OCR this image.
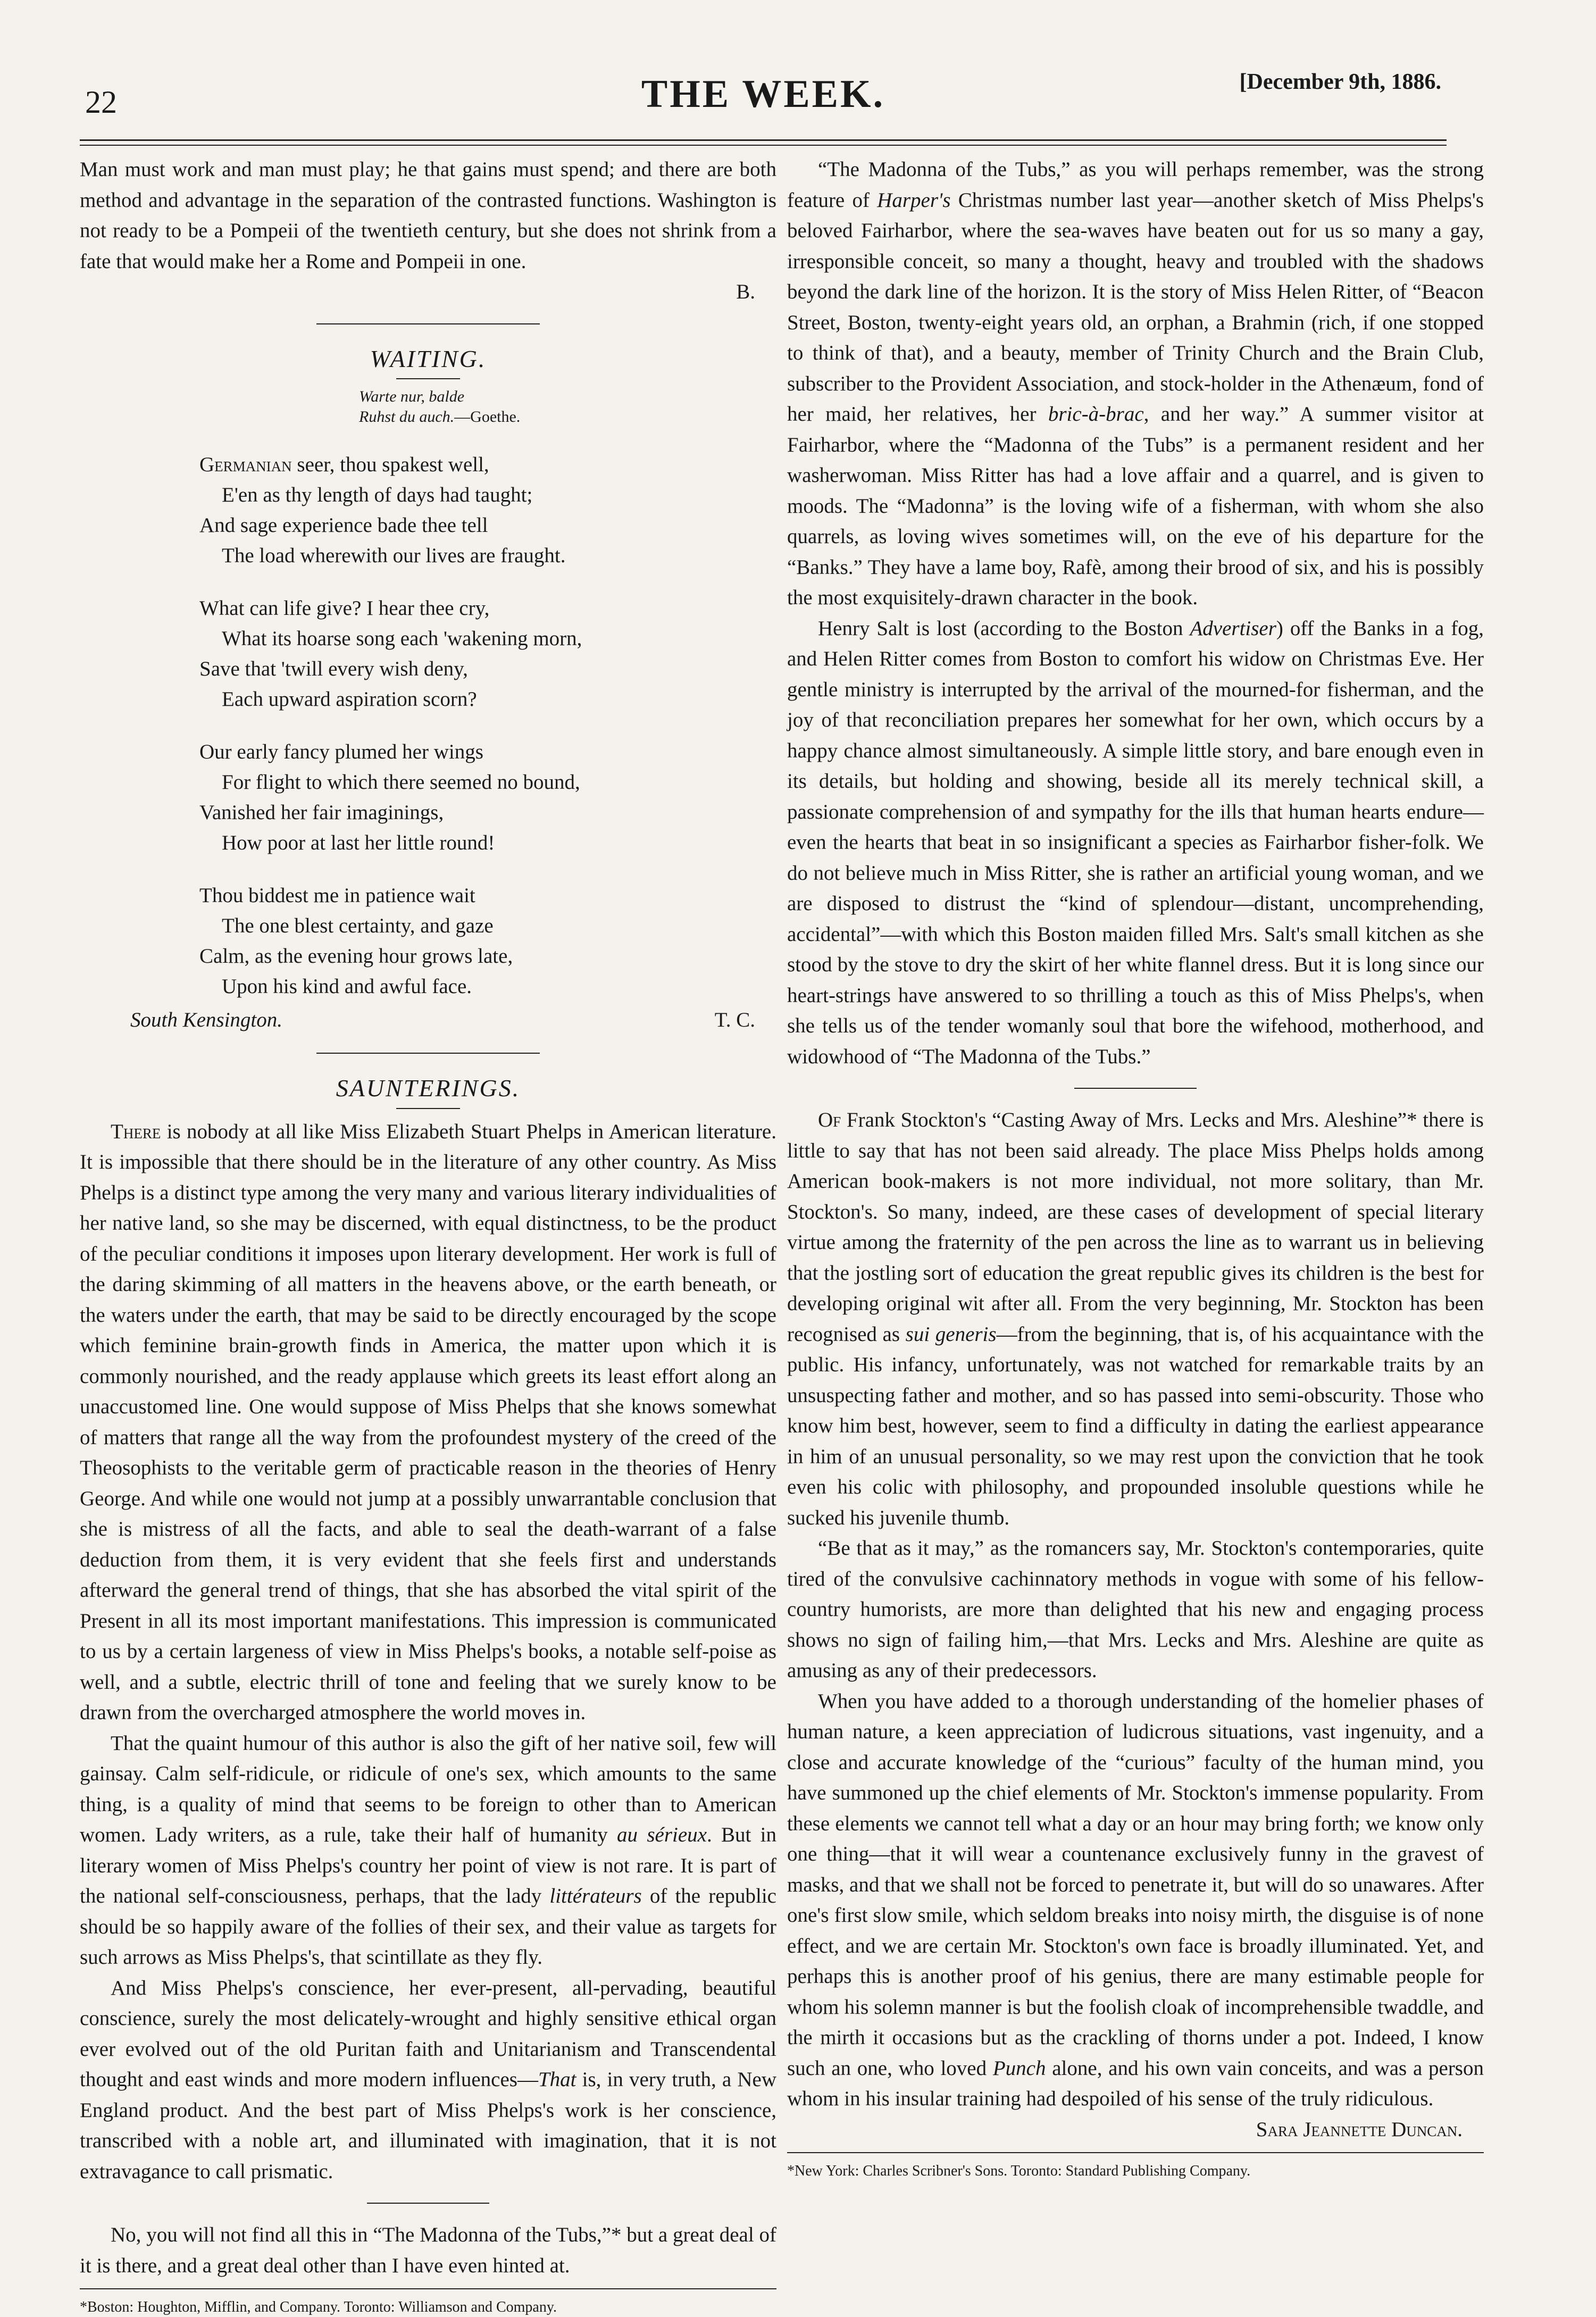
22	THE WEEK.	[December 9th, 1886.

Man must work and man must play; he that gains must spend; and there are both method and advantage in the separation of the contrasted functions. Washington is not ready to be a Pompeii of the twentieth century, but she does not shrink from a fate that would make her a Rome and Pompeii in one.

B.
WAITING.
Warte nur, balde
Ruhst du auch.—Goethe.
Germanian seer, thou spakest well,
E'en as thy length of days had taught;
And sage experience bade thee tell
The load wherewith our lives are fraught.
What can life give? I hear thee cry,
What its hoarse song each 'wakening morn,
Save that 'twill every wish deny,
Each upward aspiration scorn?
Our early fancy plumed her wings
For flight to which there seemed no bound,
Vanished her fair imaginings,
How poor at last her little round!
Thou biddest me in patience wait
The one blest certainty, and gaze
Calm, as the evening hour grows late,
Upon his kind and awful face.
South Kensington.	T. C.
SAUNTERINGS.

There is nobody at all like Miss Elizabeth Stuart Phelps in American literature. It is impossible that there should be in the literature of any other country. As Miss Phelps is a distinct type among the very many and various literary individualities of her native land, so she may be discerned, with equal distinctness, to be the product of the peculiar conditions it imposes upon literary development. Her work is full of the daring skimming of all matters in the heavens above, or the earth beneath, or the waters under the earth, that may be said to be directly encouraged by the scope which feminine brain-growth finds in America, the matter upon which it is commonly nourished, and the ready applause which greets its least effort along an unaccustomed line. One would suppose of Miss Phelps that she knows somewhat of matters that range all the way from the profoundest mystery of the creed of the Theosophists to the veritable germ of practicable reason in the theories of Henry George. And while one would not jump at a possibly unwarrantable conclusion that she is mistress of all the facts, and able to seal the death-warrant of a false deduction from them, it is very evident that she feels first and understands afterward the general trend of things, that she has absorbed the vital spirit of the Present in all its most important manifestations. This impression is communicated to us by a certain largeness of view in Miss Phelps's books, a notable self-poise as well, and a subtle, electric thrill of tone and feeling that we surely know to be drawn from the overcharged atmosphere the world moves in.

That the quaint humour of this author is also the gift of her native soil, few will gainsay. Calm self-ridicule, or ridicule of one's sex, which amounts to the same thing, is a quality of mind that seems to be foreign to other than to American women. Lady writers, as a rule, take their half of humanity au sérieux. But in literary women of Miss Phelps's country her point of view is not rare. It is part of the national self-consciousness, perhaps, that the lady littérateurs of the republic should be so happily aware of the follies of their sex, and their value as targets for such arrows as Miss Phelps's, that scintillate as they fly.

And Miss Phelps's conscience, her ever-present, all-pervading, beautiful conscience, surely the most delicately-wrought and highly sensitive ethical organ ever evolved out of the old Puritan faith and Unitarianism and Transcendental thought and east winds and more modern influences—That is, in very truth, a New England product. And the best part of Miss Phelps's work is her conscience, transcribed with a noble art, and illuminated with imagination, that it is not extravagance to call prismatic.

No, you will not find all this in “The Madonna of the Tubs,”* but a great deal of it is there, and a great deal other than I have even hinted at.

*Boston: Houghton, Mifflin, and Company. Toronto: Williamson and Company.

“The Madonna of the Tubs,” as you will perhaps remember, was the strong feature of Harper's Christmas number last year—another sketch of Miss Phelps's beloved Fairharbor, where the sea-waves have beaten out for us so many a gay, irresponsible conceit, so many a thought, heavy and troubled with the shadows beyond the dark line of the horizon. It is the story of Miss Helen Ritter, of “Beacon Street, Boston, twenty-eight years old, an orphan, a Brahmin (rich, if one stopped to think of that), and a beauty, member of Trinity Church and the Brain Club, subscriber to the Provident Association, and stock-holder in the Athenæum, fond of her maid, her relatives, her bric-à-brac, and her way.” A summer visitor at Fairharbor, where the “Madonna of the Tubs” is a permanent resident and her washerwoman. Miss Ritter has had a love affair and a quarrel, and is given to moods. The “Madonna” is the loving wife of a fisherman, with whom she also quarrels, as loving wives sometimes will, on the eve of his departure for the “Banks.” They have a lame boy, Rafè, among their brood of six, and his is possibly the most exquisitely-drawn character in the book.

Henry Salt is lost (according to the Boston Advertiser) off the Banks in a fog, and Helen Ritter comes from Boston to comfort his widow on Christmas Eve. Her gentle ministry is interrupted by the arrival of the mourned-for fisherman, and the joy of that reconciliation prepares her somewhat for her own, which occurs by a happy chance almost simultaneously. A simple little story, and bare enough even in its details, but holding and showing, beside all its merely technical skill, a passionate comprehension of and sympathy for the ills that human hearts endure—even the hearts that beat in so insignificant a species as Fairharbor fisher-folk. We do not believe much in Miss Ritter, she is rather an artificial young woman, and we are disposed to distrust the “kind of splendour—distant, uncomprehending, accidental”—with which this Boston maiden filled Mrs. Salt's small kitchen as she stood by the stove to dry the skirt of her white flannel dress. But it is long since our heart-strings have answered to so thrilling a touch as this of Miss Phelps's, when she tells us of the tender womanly soul that bore the wifehood, motherhood, and widowhood of “The Madonna of the Tubs.”

Of Frank Stockton's “Casting Away of Mrs. Lecks and Mrs. Aleshine”* there is little to say that has not been said already. The place Miss Phelps holds among American book-makers is not more individual, not more solitary, than Mr. Stockton's. So many, indeed, are these cases of development of special literary virtue among the fraternity of the pen across the line as to warrant us in believing that the jostling sort of education the great republic gives its children is the best for developing original wit after all. From the very beginning, Mr. Stockton has been recognised as sui generis—from the beginning, that is, of his acquaintance with the public. His infancy, unfortunately, was not watched for remarkable traits by an unsuspecting father and mother, and so has passed into semi-obscurity. Those who know him best, however, seem to find a difficulty in dating the earliest appearance in him of an unusual personality, so we may rest upon the conviction that he took even his colic with philosophy, and propounded insoluble questions while he sucked his juvenile thumb.

“Be that as it may,” as the romancers say, Mr. Stockton's contemporaries, quite tired of the convulsive cachinnatory methods in vogue with some of his fellow-country humorists, are more than delighted that his new and engaging process shows no sign of failing him,—that Mrs. Lecks and Mrs. Aleshine are quite as amusing as any of their predecessors.

When you have added to a thorough understanding of the homelier phases of human nature, a keen appreciation of ludicrous situations, vast ingenuity, and a close and accurate knowledge of the “curious” faculty of the human mind, you have summoned up the chief elements of Mr. Stockton's immense popularity. From these elements we cannot tell what a day or an hour may bring forth; we know only one thing—that it will wear a countenance exclusively funny in the gravest of masks, and that we shall not be forced to penetrate it, but will do so unawares. After one's first slow smile, which seldom breaks into noisy mirth, the disguise is of none effect, and we are certain Mr. Stockton's own face is broadly illuminated. Yet, and perhaps this is another proof of his genius, there are many estimable people for whom his solemn manner is but the foolish cloak of incomprehensible twaddle, and the mirth it occasions but as the crackling of thorns under a pot. Indeed, I know such an one, who loved Punch alone, and his own vain conceits, and was a person whom in his insular training had despoiled of his sense of the truly ridiculous.

Sara Jeannette Duncan.
*New York: Charles Scribner's Sons. Toronto: Standard Publishing Company.
